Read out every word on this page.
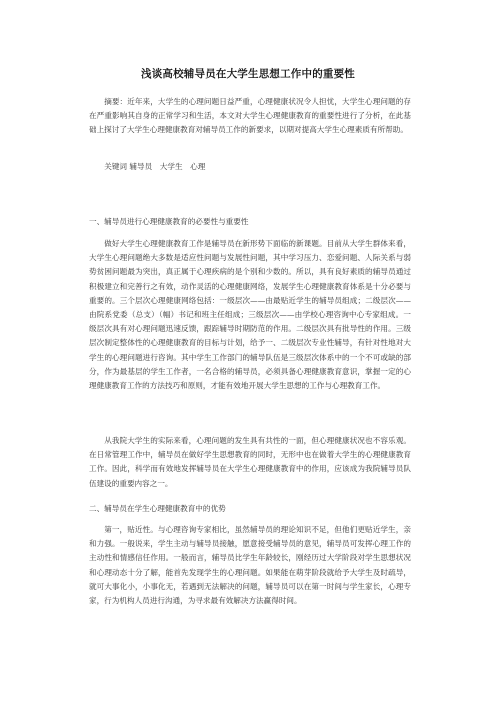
浅谈高校辅导员在大学生思想工作中的重要性
摘要：近年来，大学生的心理问题日益严重，心理健康状况令人担忧，大学生心理问题的存在严重影响其自身的正常学习和生活，本文对大学生心理健康教育的重要性进行了分析，在此基础上探讨了大学生心理健康教育对辅导员工作的新要求，以期对提高大学生心理素质有所帮助。
关键词 辅导员　大学生　心理
一、辅导员进行心理健康教育的必要性与重要性
做好大学生心理健康教育工作是辅导员在新形势下面临的新课题。目前从大学生群体来看，大学生心理问题绝大多数是适应性问题与发展性问题，其中学习压力、恋爱问题、人际关系与弱势贫困问题最为突出，真正属于心理疾病的是个别和少数的。所以，具有良好素质的辅导员通过积极建立和完善行之有效，动作灵活的心理健康网络，发展学生心理健康教育体系是十分必要与重要的。三个层次心理健康网络包括：一级层次——由最贴近学生的辅导员组成；二级层次——由院系党委（总支）（幅）书记和班主任组成；三级层次——由学校心理咨询中心专家组成。一级层次具有对心理问题迅速反馈，跟踪辅导时期防范的作用。二级层次具有批导性的作用。三级层次制定整体性的心理健康教育的目标与计划，给予一、二级层次专业性辅导，有针对性地对大学生的心理问题进行咨询。其中学生工作部门的辅导队伍是三级层次体系中的一个不可或缺的部分，作为最基层的学生工作者，一名合格的辅导员，必须具备心理健康教育意识，掌握一定的心理健康教育工作的方法技巧和原则，才能有效地开展大学生思想的工作与心理教育工作。
从我院大学生的实际来看，心理问题的发生具有共性的一面，但心理健康状况也不容乐观。在日常管理工作中，辅导员在做好学生思想教育的同时，无形中也在做着大学生的心理健康教育工作。因此，科学而有效地发挥辅导员在大学生心理健康教育中的作用，应该成为我院辅导员队伍建设的重要内容之一。
二、辅导员在学生心理健康教育中的优势
第一，贴近性。与心理咨询专家相比，虽然辅导员的理论知识不足，但他们更贴近学生，亲和力强。一般说来，学生主动与辅导员接触，愿意接受辅导员的意见，辅导员可发挥心理工作的主动性和情感信任作用。一般而言，辅导员比学生年龄较长，刚经历过大学阶段对学生思想状况和心理动态十分了解，能首先发现学生的心理问题。如果能在萌芽阶段就给予大学生及时疏导，就可大事化小，小事化无，若遇到无法解决的问题，辅导员可以在第一时间与学生家长，心理专家，行为机构人员进行沟通，为寻求最有效解决方法赢得时间。
